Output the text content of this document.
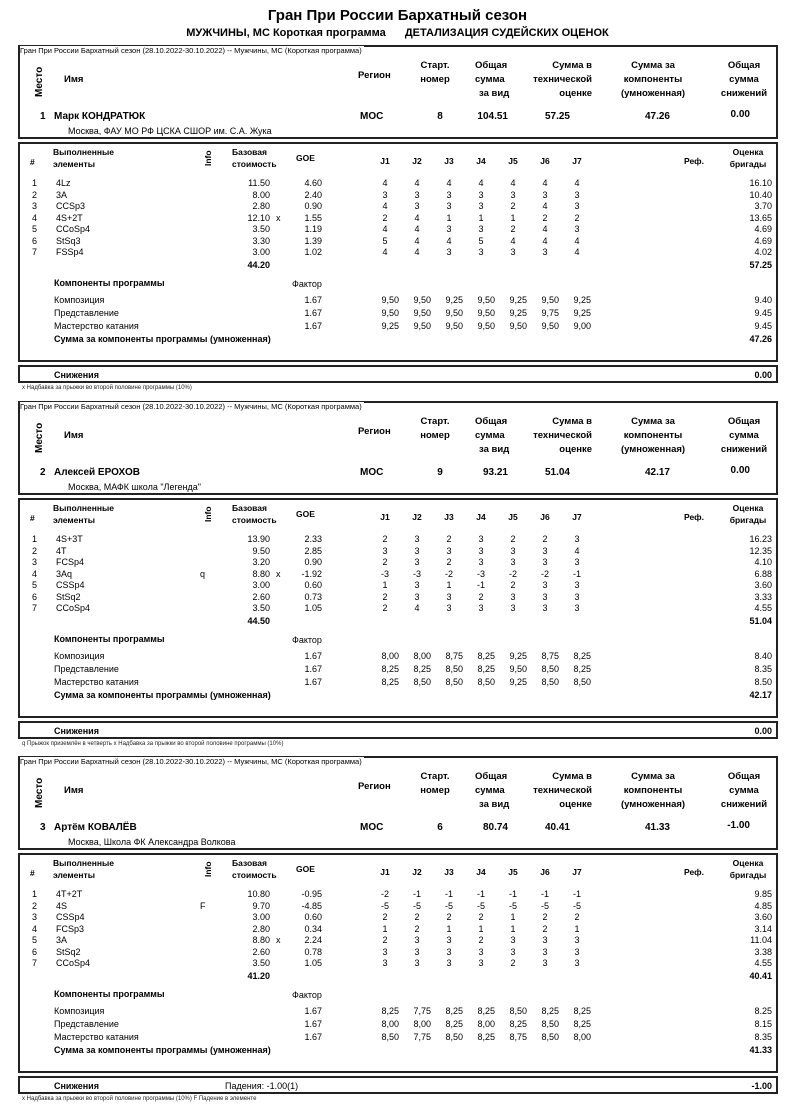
Гран При России Бархатный сезон
МУЖЧИНЫ, МС Короткая программа ДЕТАЛИЗАЦИЯ СУДЕЙСКИХ ОЦЕНОК
Гран При России Бархатный сезон (28.10.2022-30.10.2022) -- Мужчины, МС (Короткая программа)
Место Имя	Регион
Старт.
номер
Общая
сумма
за вид
Сумма в
технической
оценке
Сумма за
компоненты
(умноженная)
Общая
сумма
снижений
1 Марк КОНДРАТЮК
Москва, ФАУ МО РФ ЦСКА СШОР им. С.А. Жука
МОС	8	104.51	57.25	47.26	0.00
#
Выполненные
элементы	Info Базовая
стоимость
GOE	J1	J2	J3	J4	J5	J6	J7	Реф.
Оценка
бригады
1 4Lz	11.50	4.60	4	4	4	4	4	4	4	16.10
2 3A	8.00	2.40	3	3	3	3	3	3	3	10.40
3 CCSp3	2.80	0.90	4	3	3	3	2	4	3	3.70
4 4S+2T	12.10 x	1.55	2	4	1	1	1	2	2	13.65
5 CCoSp4	3.50	1.19	4	4	3	3	2	4	3	4.69
6 StSq3	3.30	1.39	5	4	4	5	4	4	4	4.69
7 FSSp4	3.00	1.02	4	4	3	3	3	3	4	4.02
44.20	57.25
Компоненты программы	Фактор
Композиция	1.67	9,50	9,50	9,25	9,50	9,25	9,50	9,25	9.40
Представление	1.67	9,50	9,50	9,50	9,50	9,25	9,75	9,25	9.45
Мастерство катания	1.67	9,25	9,50	9,50	9,50	9,50	9,50	9,00	9.45
Сумма за компоненты программы (умноженная)	47.26
Снижения	0.00
x Надбавка за прыжки во второй половине программы (10%)
Гран При России Бархатный сезон (28.10.2022-30.10.2022) -- Мужчины, МС (Короткая программа)
Место Имя	Регион
Старт.
номер
Общая
сумма
за вид
Сумма в
технической
оценке
Сумма за
компоненты
(умноженная)
Общая
сумма
снижений
2 Алексей ЕРОХОВ
Москва, МАФК школа "Легенда"
МОС	9	93.21	51.04	42.17	0.00
#
Выполненные
элементы	Info Базовая
стоимость
GOE	J1	J2	J3	J4	J5	J6	J7	Реф.
Оценка
бригады
1 4S+3T	13.90	2.33	2	3	2	3	2	2	3	16.23
2 4T	9.50	2.85	3	3	3	3	3	3	4	12.35
3 FCSp4	3.20	0.90	2	3	2	3	3	3	3	4.10
4 3Aq	q	8.80 x	-1.92	-3	-3	-2	-3	-2	-2	-1	6.88
5 CSSp4	3.00	0.60	1	3	1	-1	2	3	3	3.60
6 StSq2	2.60	0.73	2	3	3	2	3	3	3	3.33
7 CCoSp4	3.50	1.05	2	4	3	3	3	3	3	4.55
44.50	51.04
Компоненты программы	Фактор
Композиция	1.67	8,00	8,00	8,75	8,25	9,25	8,75	8,25	8.40
Представление	1.67	8,25	8,25	8,50	8,25	9,50	8,50	8,25	8.35
Мастерство катания	1.67	8,25	8,50	8,50	8,50	9,25	8,50	8,50	8.50
Сумма за компоненты программы (умноженная)	42.17
Снижения	0.00
q Прыжок приземлён в четверть x Надбавка за прыжки во второй половине программы (10%)
Гран При России Бархатный сезон (28.10.2022-30.10.2022) -- Мужчины, МС (Короткая программа)
Место Имя	Регион
Старт.
номер
Общая
сумма
за вид
Сумма в
технической
оценке
Сумма за
компоненты
(умноженная)
Общая
сумма
снижений
3 Артём КОВАЛЁВ
Москва, Школа ФК Александра Волкова
МОС	6	80.74	40.41	41.33	-1.00
#
Выполненные
элементы	Info Базовая
стоимость
GOE	J1	J2	J3	J4	J5	J6	J7	Реф.
Оценка
бригады
1 4T+2T	10.80	-0.95	-2	-1	-1	-1	-1	-1	-1	9.85
2 4S	F	9.70	-4.85	-5	-5	-5	-5	-5	-5	-5	4.85
3 CSSp4	3.00	0.60	2	2	2	2	1	2	2	3.60
4 FCSp3	2.80	0.34	1	2	1	1	1	2	1	3.14
5 3A	8.80 x	2.24	2	3	3	2	3	3	3	11.04
6 StSq2	2.60	0.78	3	3	3	3	3	3	3	3.38
7 CCoSp4	3.50	1.05	3	3	3	3	2	3	3	4.55
41.20	40.41
Компоненты программы	Фактор
Композиция	1.67	8,25	7,75	8,25	8,25	8,50	8,25	8,25	8.25
Представление	1.67	8,00	8,00	8,25	8,00	8,25	8,50	8,25	8.15
Мастерство катания	1.67	8,50	7,75	8,50	8,25	8,75	8,50	8,00	8.35
Сумма за компоненты программы (умноженная)	41.33
Снижения	Падения: -1.00(1)	-1.00
x Надбавка за прыжки во второй половине программы (10%) F Падение в элементе
